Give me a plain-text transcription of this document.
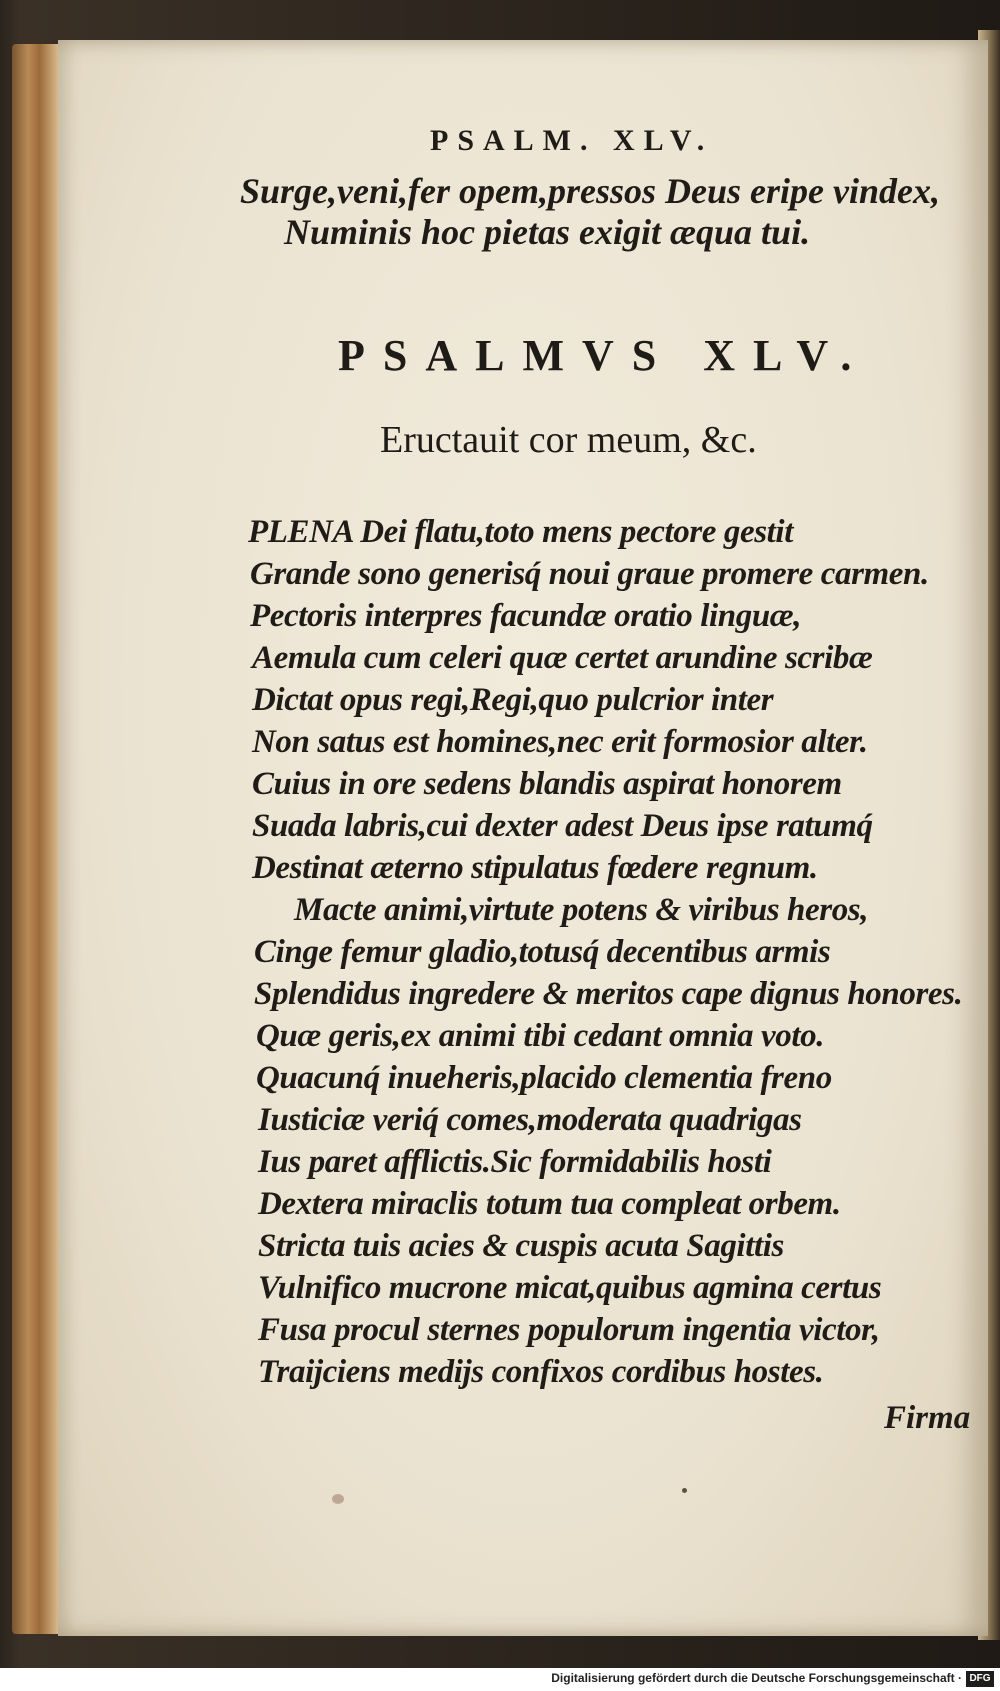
PSALM. XLV.
Surge,veni,fer opem,pressos Deus eripe vindex,
Numinis hoc pietas exigit æqua tui.
PSALMVS XLV.
Eructauit cor meum, &c.
PLENA Dei flatu,toto mens pectore gestit
Grande sono generisq́ noui graue promere carmen.
Pectoris interpres facundæ oratio linguæ,
Aemula cum celeri quæ certet arundine scribæ
Dictat opus regi,Regi,quo pulcrior inter
Non satus est homines,nec erit formosior alter.
Cuius in ore sedens blandis aspirat honorem
Suada labris,cui dexter adest Deus ipse ratumq́
Destinat æterno stipulatus fœdere regnum.
Macte animi,virtute potens & viribus heros,
Cinge femur gladio,totusq́ decentibus armis
Splendidus ingredere & meritos cape dignus honores.
Quæ geris,ex animi tibi cedant omnia voto.
Quacunq́ inueheris,placido clementia freno
Iusticiæ veriq́ comes,moderata quadrigas
Ius paret afflictis.Sic formidabilis hosti
Dextera miraclis totum tua compleat orbem.
Stricta tuis acies & cuspis acuta Sagittis
Vulnifico mucrone micat,quibus agmina certus
Fusa procul sternes populorum ingentia victor,
Traijciens medijs confixos cordibus hostes.
Firma
Digitalisierung gefördert durch die Deutsche Forschungsgemeinschaft · DFG
